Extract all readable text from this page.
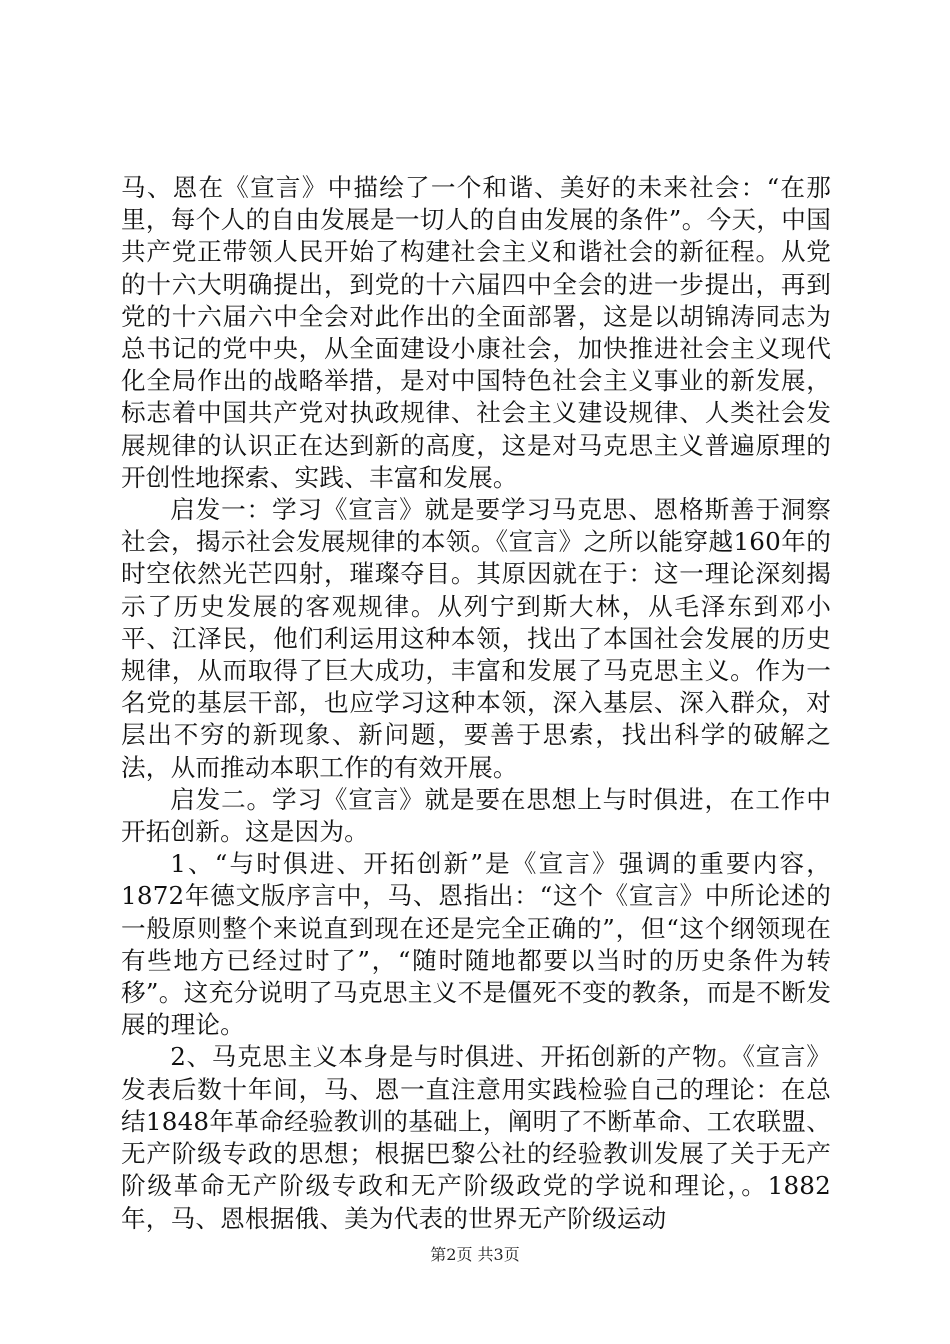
马、恩在《宣言》中描绘了一个和谐、美好的未来社会：“在那里，每个人的自由发展是一切人的自由发展的条件”。今天，中国共产党正带领人民开始了构建社会主义和谐社会的新征程。从党的十六大明确提出，到党的十六届四中全会的进一步提出，再到党的十六届六中全会对此作出的全面部署，这是以胡锦涛同志为总书记的党中央，从全面建设小康社会，加快推进社会主义现代化全局作出的战略举措，是对中国特色社会主义事业的新发展，标志着中国共产党对执政规律、社会主义建设规律、人类社会发展规律的认识正在达到新的高度，这是对马克思主义普遍原理的开创性地探索、实践、丰富和发展。

启发一：学习《宣言》就是要学习马克思、恩格斯善于洞察社会，揭示社会发展规律的本领。《宣言》之所以能穿越160年的时空依然光芒四射，璀璨夺目。其原因就在于：这一理论深刻揭示了历史发展的客观规律。从列宁到斯大林，从毛泽东到邓小平、江泽民，他们利运用这种本领，找出了本国社会发展的历史规律，从而取得了巨大成功，丰富和发展了马克思主义。作为一名党的基层干部，也应学习这种本领，深入基层、深入群众，对层出不穷的新现象、新问题，要善于思索，找出科学的破解之法，从而推动本职工作的有效开展。

启发二。学习《宣言》就是要在思想上与时俱进，在工作中开拓创新。这是因为。

1、“与时俱进、开拓创新”是《宣言》强调的重要内容，1872年德文版序言中，马、恩指出：“这个《宣言》中所论述的一般原则整个来说直到现在还是完全正确的”，但“这个纲领现在有些地方已经过时了”，“随时随地都要以当时的历史条件为转移”。这充分说明了马克思主义不是僵死不变的教条，而是不断发展的理论。

2、马克思主义本身是与时俱进、开拓创新的产物。《宣言》发表后数十年间，马、恩一直注意用实践检验自己的理论：在总结1848年革命经验教训的基础上，阐明了不断革命、工农联盟、无产阶级专政的思想；根据巴黎公社的经验教训发展了关于无产阶级革命无产阶级专政和无产阶级政党的学说和理论，。1882年，马、恩根据俄、美为代表的世界无产阶级运动

第2页 共3页
